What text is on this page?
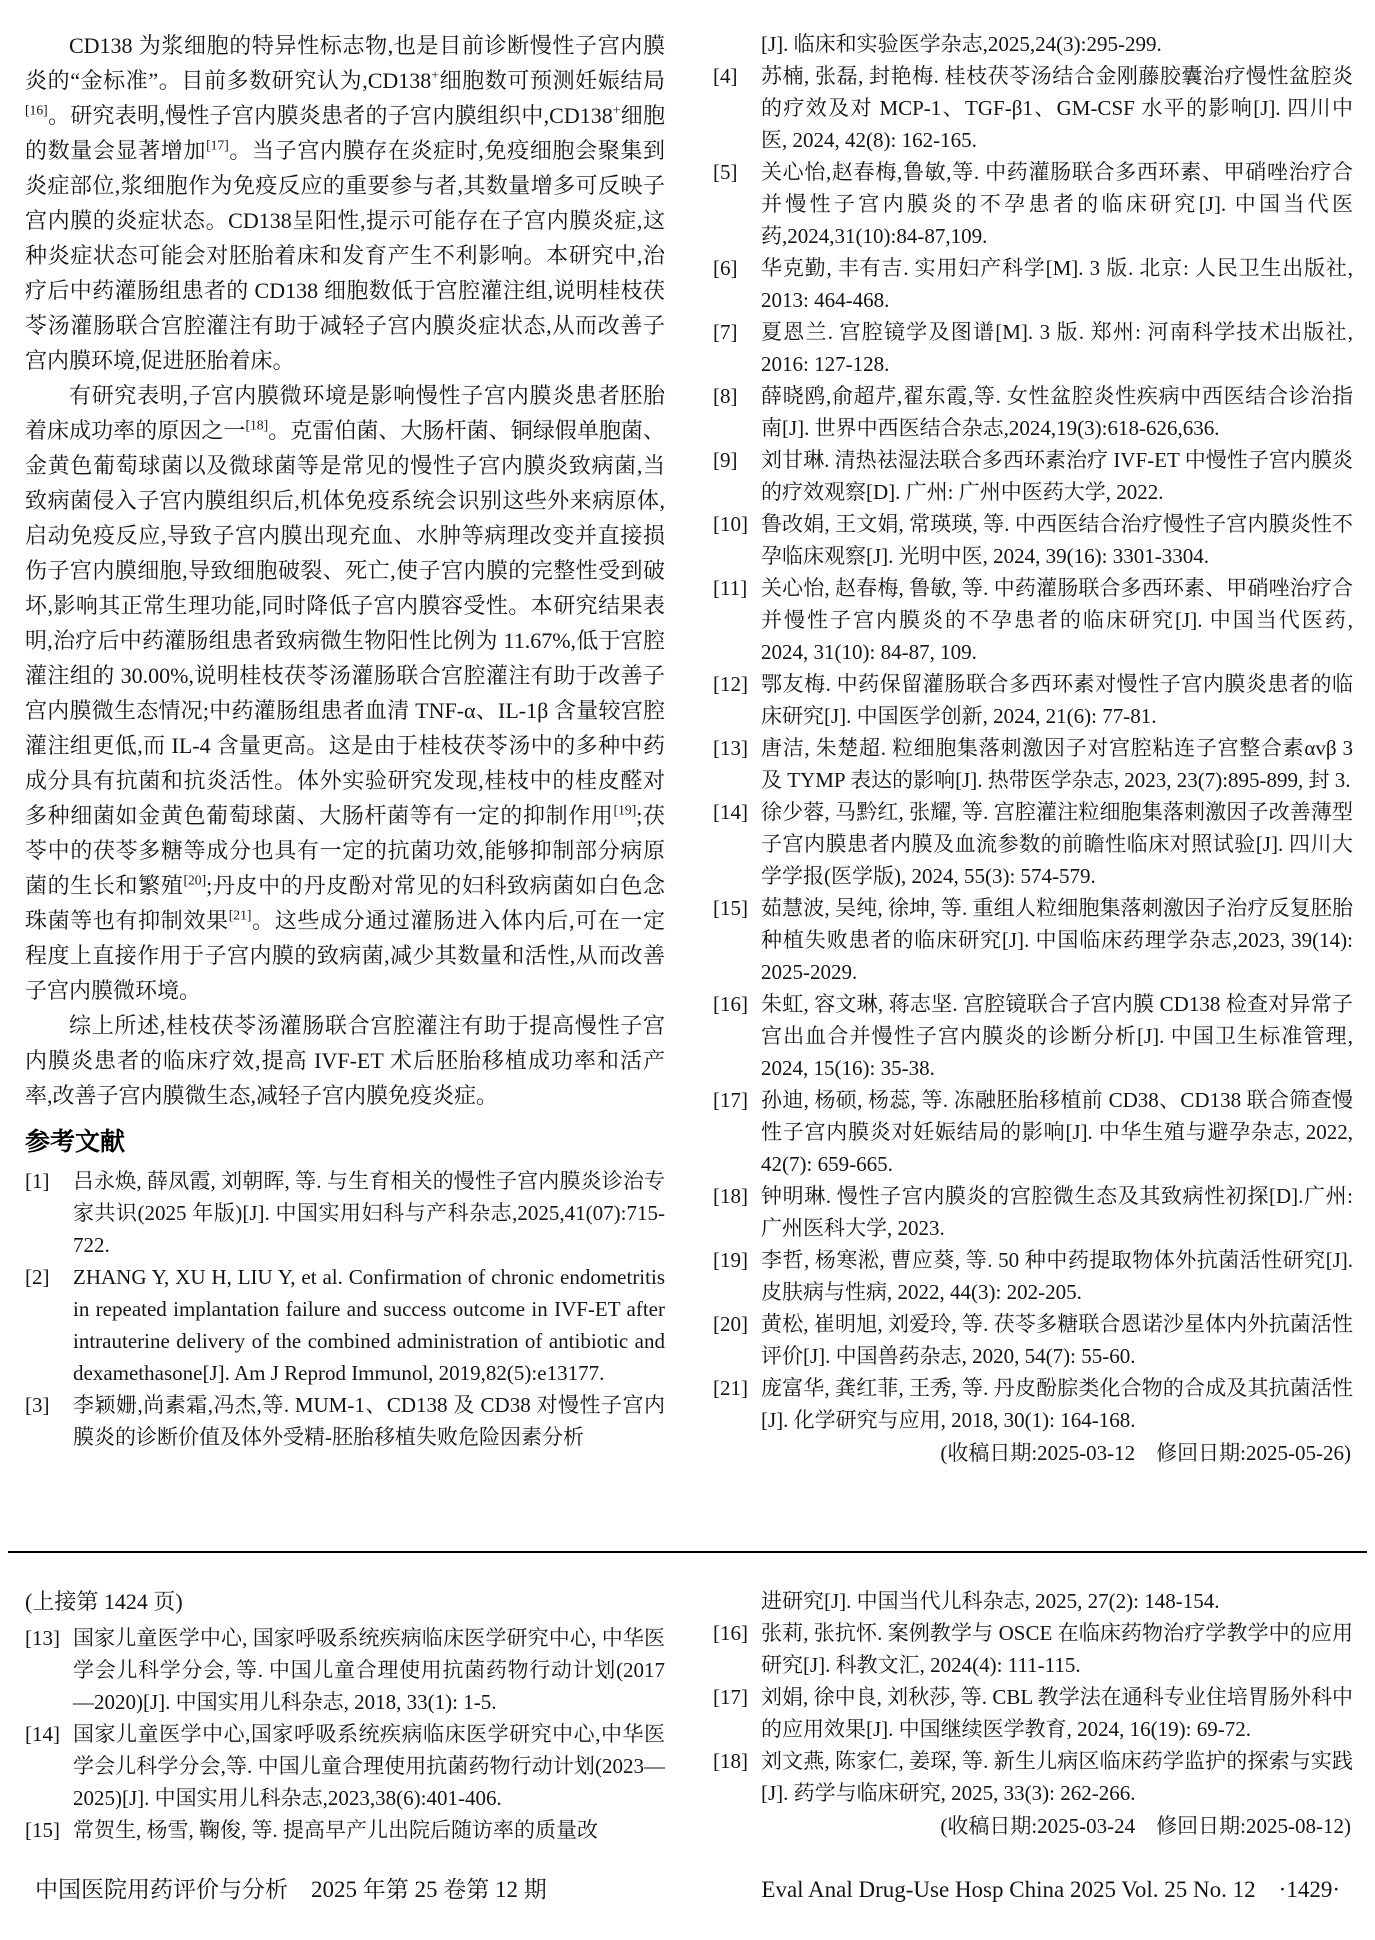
CD138 为浆细胞的特异性标志物,也是目前诊断慢性子宫内膜炎的“金标准”。目前多数研究认为,CD138+细胞数可预测妊娠结局[16]。研究表明,慢性子宫内膜炎患者的子宫内膜组织中,CD138+细胞的数量会显著增加[17]。当子宫内膜存在炎症时,免疫细胞会聚集到炎症部位,浆细胞作为免疫反应的重要参与者,其数量增多可反映子宫内膜的炎症状态。CD138呈阳性,提示可能存在子宫内膜炎症,这种炎症状态可能会对胚胎着床和发育产生不利影响。本研究中,治疗后中药灌肠组患者的 CD138 细胞数低于宫腔灌注组,说明桂枝茯苓汤灌肠联合宫腔灌注有助于减轻子宫内膜炎症状态,从而改善子宫内膜环境,促进胚胎着床。

有研究表明,子宫内膜微环境是影响慢性子宫内膜炎患者胚胎着床成功率的原因之一[18]。克雷伯菌、大肠杆菌、铜绿假单胞菌、金黄色葡萄球菌以及微球菌等是常见的慢性子宫内膜炎致病菌,当致病菌侵入子宫内膜组织后,机体免疫系统会识别这些外来病原体,启动免疫反应,导致子宫内膜出现充血、水肿等病理改变并直接损伤子宫内膜细胞,导致细胞破裂、死亡,使子宫内膜的完整性受到破坏,影响其正常生理功能,同时降低子宫内膜容受性。本研究结果表明,治疗后中药灌肠组患者致病微生物阳性比例为 11.67%,低于宫腔灌注组的 30.00%,说明桂枝茯苓汤灌肠联合宫腔灌注有助于改善子宫内膜微生态情况;中药灌肠组患者血清 TNF-α、IL-1β 含量较宫腔灌注组更低,而 IL-4 含量更高。这是由于桂枝茯苓汤中的多种中药成分具有抗菌和抗炎活性。体外实验研究发现,桂枝中的桂皮醛对多种细菌如金黄色葡萄球菌、大肠杆菌等有一定的抑制作用[19];茯苓中的茯苓多糖等成分也具有一定的抗菌功效,能够抑制部分病原菌的生长和繁殖[20];丹皮中的丹皮酚对常见的妇科致病菌如白色念珠菌等也有抑制效果[21]。这些成分通过灌肠进入体内后,可在一定程度上直接作用于子宫内膜的致病菌,减少其数量和活性,从而改善子宫内膜微环境。

综上所述,桂枝茯苓汤灌肠联合宫腔灌注有助于提高慢性子宫内膜炎患者的临床疗效,提高 IVF-ET 术后胚胎移植成功率和活产率,改善子宫内膜微生态,减轻子宫内膜免疫炎症。

参考文献
[1]	吕永焕, 薛凤霞, 刘朝晖, 等. 与生育相关的慢性子宫内膜炎诊治专家共识(2025 年版)[J]. 中国实用妇科与产科杂志,2025,41(07):715-722.
[2]	ZHANG Y, XU H, LIU Y, et al. Confirmation of chronic endometritis in repeated implantation failure and success outcome in IVF-ET after intrauterine delivery of the combined administration of antibiotic and dexamethasone[J]. Am J Reprod Immunol, 2019,82(5):e13177.
[3]	李颖姗,尚素霜,冯杰,等. MUM-1、CD138 及 CD38 对慢性子宫内膜炎的诊断价值及体外受精-胚胎移植失败危险因素分析
[J]. 临床和实验医学杂志,2025,24(3):295-299.
[4]	苏楠, 张磊, 封艳梅. 桂枝茯苓汤结合金刚藤胶囊治疗慢性盆腔炎的疗效及对 MCP-1、TGF-β1、GM-CSF 水平的影响[J]. 四川中医, 2024, 42(8): 162-165.
[5]	关心怡,赵春梅,鲁敏,等. 中药灌肠联合多西环素、甲硝唑治疗合并慢性子宫内膜炎的不孕患者的临床研究[J]. 中国当代医药,2024,31(10):84-87,109.
[6]	华克勤, 丰有吉. 实用妇产科学[M]. 3 版. 北京: 人民卫生出版社, 2013: 464-468.
[7]	夏恩兰. 宫腔镜学及图谱[M]. 3 版. 郑州: 河南科学技术出版社, 2016: 127-128.
[8]	薛晓鸥,俞超芹,翟东霞,等. 女性盆腔炎性疾病中西医结合诊治指南[J]. 世界中西医结合杂志,2024,19(3):618-626,636.
[9]	刘甘琳. 清热祛湿法联合多西环素治疗 IVF-ET 中慢性子宫内膜炎的疗效观察[D]. 广州: 广州中医药大学, 2022.
[10] 鲁改娟, 王文娟, 常瑛瑛, 等. 中西医结合治疗慢性子宫内膜炎性不孕临床观察[J]. 光明中医, 2024, 39(16): 3301-3304.
[11] 关心怡, 赵春梅, 鲁敏, 等. 中药灌肠联合多西环素、甲硝唑治疗合并慢性子宫内膜炎的不孕患者的临床研究[J]. 中国当代医药, 2024, 31(10): 84-87, 109.
[12] 鄂友梅. 中药保留灌肠联合多西环素对慢性子宫内膜炎患者的临床研究[J]. 中国医学创新, 2024, 21(6): 77-81.
[13] 唐洁, 朱楚超. 粒细胞集落刺激因子对宫腔粘连子宫整合素αvβ 3 及 TYMP 表达的影响[J]. 热带医学杂志, 2023, 23(7):895-899, 封 3.
[14] 徐少蓉, 马黔红, 张耀, 等. 宫腔灌注粒细胞集落刺激因子改善薄型子宫内膜患者内膜及血流参数的前瞻性临床对照试验[J]. 四川大学学报(医学版), 2024, 55(3): 574-579.
[15] 茹慧波, 吴纯, 徐坤, 等. 重组人粒细胞集落刺激因子治疗反复胚胎种植失败患者的临床研究[J]. 中国临床药理学杂志,2023, 39(14): 2025-2029.
[16] 朱虹, 容文琳, 蒋志坚. 宫腔镜联合子宫内膜 CD138 检查对异常子宫出血合并慢性子宫内膜炎的诊断分析[J]. 中国卫生标准管理, 2024, 15(16): 35-38.
[17] 孙迪, 杨硕, 杨蕊, 等. 冻融胚胎移植前 CD38、CD138 联合筛查慢性子宫内膜炎对妊娠结局的影响[J]. 中华生殖与避孕杂志, 2022, 42(7): 659-665.
[18] 钟明琳. 慢性子宫内膜炎的宫腔微生态及其致病性初探[D].广州: 广州医科大学, 2023.
[19] 李哲, 杨寒淞, 曹应葵, 等. 50 种中药提取物体外抗菌活性研究[J]. 皮肤病与性病, 2022, 44(3): 202-205.
[20] 黄松, 崔明旭, 刘爱玲, 等. 茯苓多糖联合恩诺沙星体内外抗菌活性评价[J]. 中国兽药杂志, 2020, 54(7): 55-60.
[21] 庞富华, 龚红菲, 王秀, 等. 丹皮酚腙类化合物的合成及其抗菌活性[J]. 化学研究与应用, 2018, 30(1): 164-168.
(收稿日期:2025-03-12　修回日期:2025-05-26)
(上接第 1424 页)
[13] 国家儿童医学中心, 国家呼吸系统疾病临床医学研究中心, 中华医学会儿科学分会, 等. 中国儿童合理使用抗菌药物行动计划(2017—2020)[J]. 中国实用儿科杂志, 2018, 33(1): 1-5.
[14] 国家儿童医学中心,国家呼吸系统疾病临床医学研究中心,中华医学会儿科学分会,等. 中国儿童合理使用抗菌药物行动计划(2023—2025)[J]. 中国实用儿科杂志,2023,38(6):401-406.
[15] 常贺生, 杨雪, 鞠俊, 等. 提高早产儿出院后随访率的质量改
进研究[J]. 中国当代儿科杂志, 2025, 27(2): 148-154.
[16] 张莉, 张抗怀. 案例教学与 OSCE 在临床药物治疗学教学中的应用研究[J]. 科教文汇, 2024(4): 111-115.
[17] 刘娟, 徐中良, 刘秋莎, 等. CBL 教学法在通科专业住培胃肠外科中的应用效果[J]. 中国继续医学教育, 2024, 16(19): 69-72.
[18] 刘文燕, 陈家仁, 姜琛, 等. 新生儿病区临床药学监护的探索与实践[J]. 药学与临床研究, 2025, 33(3): 262-266.
(收稿日期:2025-03-24　修回日期:2025-08-12)
中国医院用药评价与分析　2025 年第 25 卷第 12 期	Eval Anal Drug-Use Hosp China 2025 Vol. 25 No. 12　·1429·
